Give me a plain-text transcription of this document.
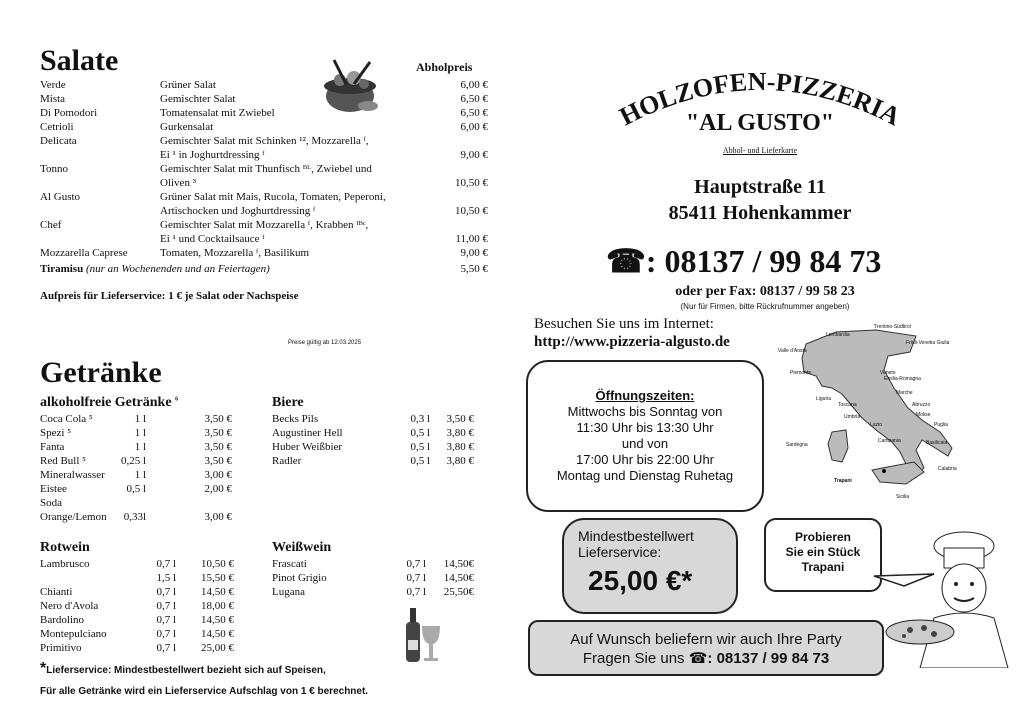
Salate	Abholpreis
Verde	Grüner Salat	6,00 €
Mista	Gemischter Salat	6,50 €
Di Pomodori	Tomatensalat mit Zwiebel	6,50 €
Cetrioli	Gurkensalat	6,00 €
Delicata	Gemischter Salat mit Schinken ¹², Mozzarella ᶠ,
Ei ¹ in Joghurtdressing ᶠ	9,00 €
Tonno	Gemischter Salat mit Thunfisch ᴮᴸ, Zwiebel und
Oliven ³	10,50 €
Al Gusto	Grüner Salat mit Mais, Rucola, Tomaten, Peperoni,
Artischocken und Joghurtdressing ᶠ	10,50 €
Chef	Gemischter Salat mit Mozzarella ᶠ, Krabben ᴵᴮᶜ,
Ei ¹ und Cocktailsauce ᶠ	11,00 €
Mozzarella Caprese	Tomaten, Mozzarella ᶠ, Basilikum	9,00 €
Tiramisu (nur an Wochenenden und an Feiertagen)	5,50 €
Aufpreis für Lieferservice: 1 € je Salat oder Nachspeise
Preise gültig ab 12.03.2025
Getränke
alkoholfreie Getränke $^6$	Biere
Coca Cola ⁵	1 l	3,50 €
Spezi ⁵	1 l	3,50 €
Fanta	1 l	3,50 €
Red Bull ⁵	0,25 l	3,50 €
Mineralwasser	1 l	3,00 €
Eistee	0,5 l	2,00 €
Soda
Orange/Lemon	0,33l	3,00 €
Becks Pils	0,3 l	3,50 €
Augustiner Hell	0,5 l	3,80 €
Huber Weißbier	0,5 l	3,80 €
Radler	0,5 l	3,80 €
Rotwein	Weißwein
Lambrusco	0,7 l	10,50 €
1,5 l	15,50 €
Chianti	0,7 l	14,50 €
Nero d'Avola	0,7 l	18,00 €
Bardolino	0,7 l	14,50 €
Montepulciano	0,7 l	14,50 €
Primitivo	0,7 l	25,00 €
Frascati	0,7 l	14,50€
Pinot Grigio	0,7 l	14,50€
Lugana	0,7 l	25,50€
*Lieferservice: Mindestbestellwert bezieht sich auf Speisen,
Für alle Getränke wird ein Lieferservice Aufschlag von 1 € berechnet.
HOLZOFEN-PIZZERIA
"AL GUSTO"
Abhol- und Lieferkarte
Hauptstraße 11
85411 Hohenkammer
☎: 08137 / 99 84 73
oder per Fax: 08137 / 99 58 23
(Nur für Firmen, bitte Rückrufnummer angeben)
Besuchen Sie uns im Internet:
http://www.pizzeria-algusto.de
Trentino-Südtirol
Lombardia
Friuli-Venetia Giulia
Valle d'Aosta
Veneto
Piemonte
Emilia-Romagna
Liguria
Marche
Toscana
Umbria
Abruzzo
Molise
Lazio	Puglia
Campania	Basilicata
Sardegna
Calabria
Trapani
Sicilia
Öffnungszeiten:
Mittwochs bis Sonntag von
11:30 Uhr bis 13:30 Uhr
und von
17:00 Uhr bis 22:00 Uhr
Montag und Dienstag Ruhetag
Mindestbestellwert
Lieferservice:
25,00 €*
Probieren
Sie ein Stück
Trapani
Auf Wunsch beliefern wir auch Ihre Party
Fragen Sie uns ☎: 08137 / 99 84 73
